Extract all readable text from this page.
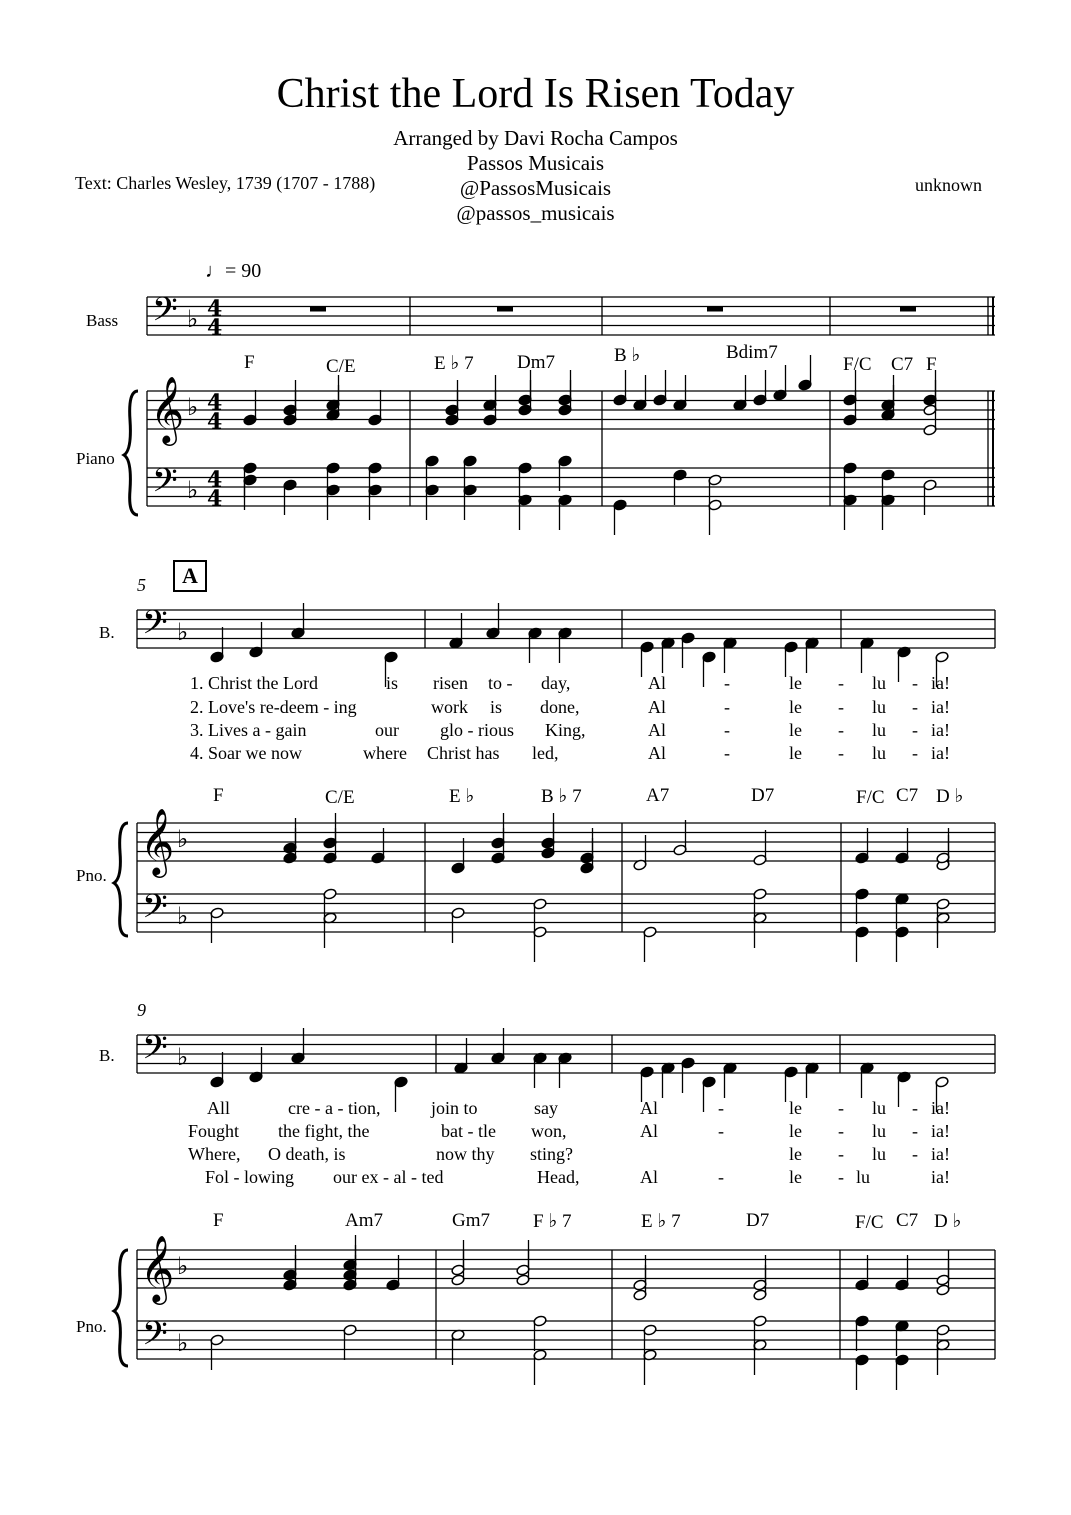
Christ the Lord Is Risen Today
Arranged by Davi Rocha Campos
Passos Musicais
@PassosMusicais
@passos_musicais
Text: Charles Wesley, 1739 (1707 - 1788)	unknown
♩= 90
Bass
Piano
B.
Pno.
B.
Pno.
5	A
9
F	C/E	E ♭ 7 Dm7	B ♭	Bdim7
F/C C7 F
F	C/E	E ♭	B ♭ 7	A7	D7	F/C C7 D ♭
F	Am7	Gm7 F ♭ 7	E ♭ 7	D7	F/C C7 D ♭
1. Christ the Lord	is risen to - day,	Al	-	le - lu - ia!
2. Love's re-deem - ing	work is done,	Al	-	le - lu - ia!
3. Lives a - gain	our glo - rious King,	Al	-	le - lu - ia!
4. Soar we now	where Christ has led,	Al	-	le - lu - ia!
All	cre - a - tion,	join to	say	Al	-	le - lu - ia!
Fought the fight, the	bat - tle won,	Al	-	le - lu - ia!
Where, O death, is	now thy sting?	le - lu - ia!
Fol - lowing our ex - al - ted	Head,	Al	-	le - lu	ia!
𝄢
𝄞
𝄢
♭
♭
♭
4
4
4
4
4
4
𝄢
𝄞
𝄢
♭
♭
♭
𝄢
𝄞
𝄢
♭
♭
♭
